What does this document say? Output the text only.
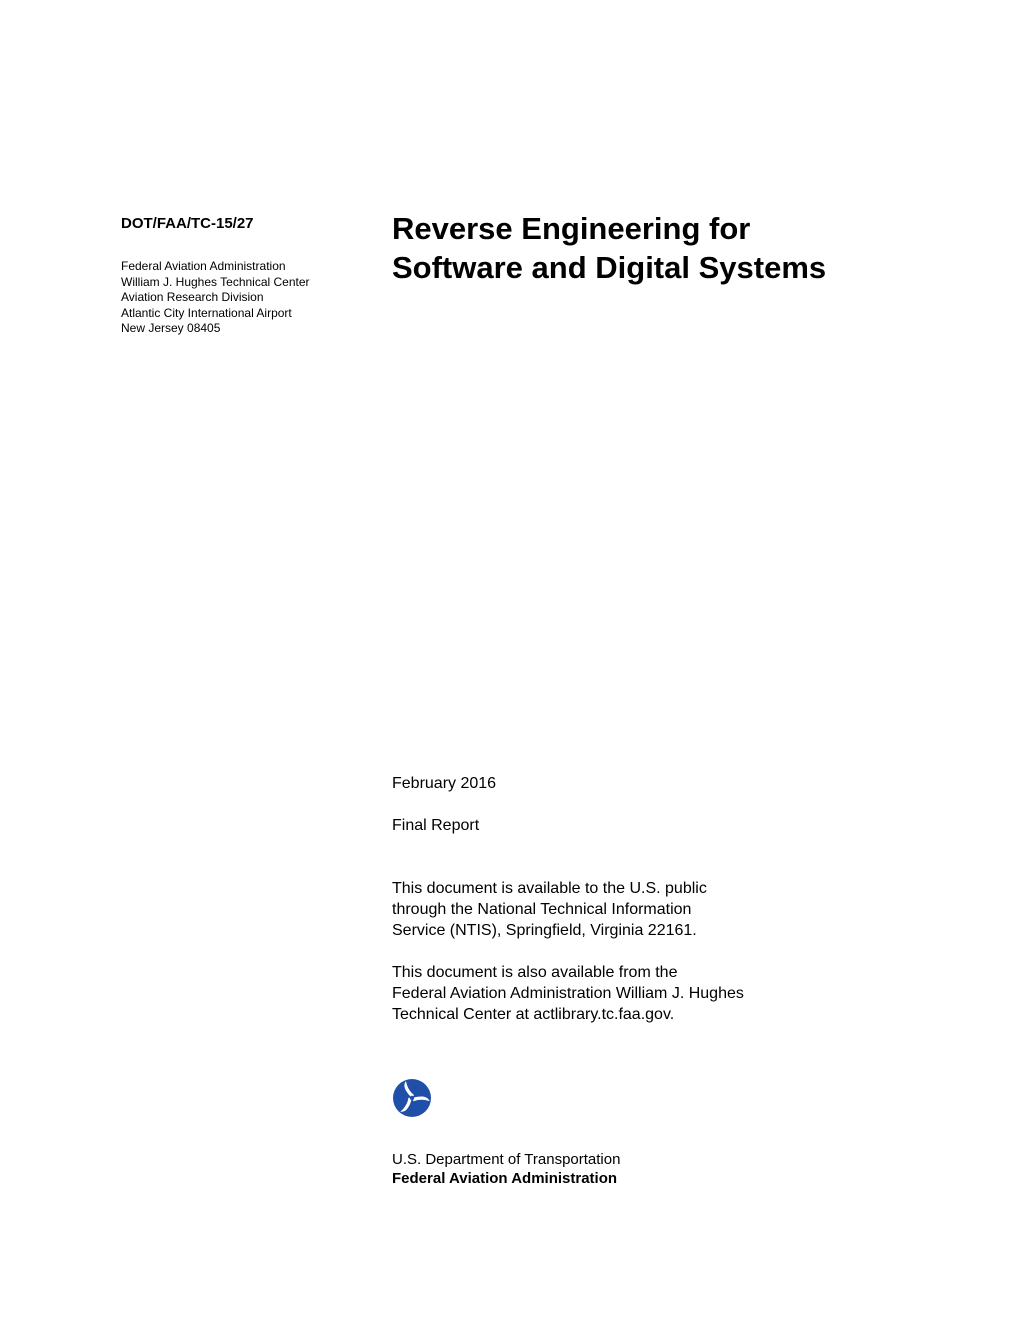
DOT/FAA/TC-15/27
Federal Aviation Administration
William J. Hughes Technical Center
Aviation Research Division
Atlantic City International Airport
New Jersey 08405
Reverse Engineering for
Software and Digital Systems
February 2016
Final Report
This document is available to the U.S. public
through the National Technical Information
Service (NTIS), Springfield, Virginia 22161.
This document is also available from the
Federal Aviation Administration William J. Hughes
Technical Center at actlibrary.tc.faa.gov.
U.S. Department of Transportation
Federal Aviation Administration
